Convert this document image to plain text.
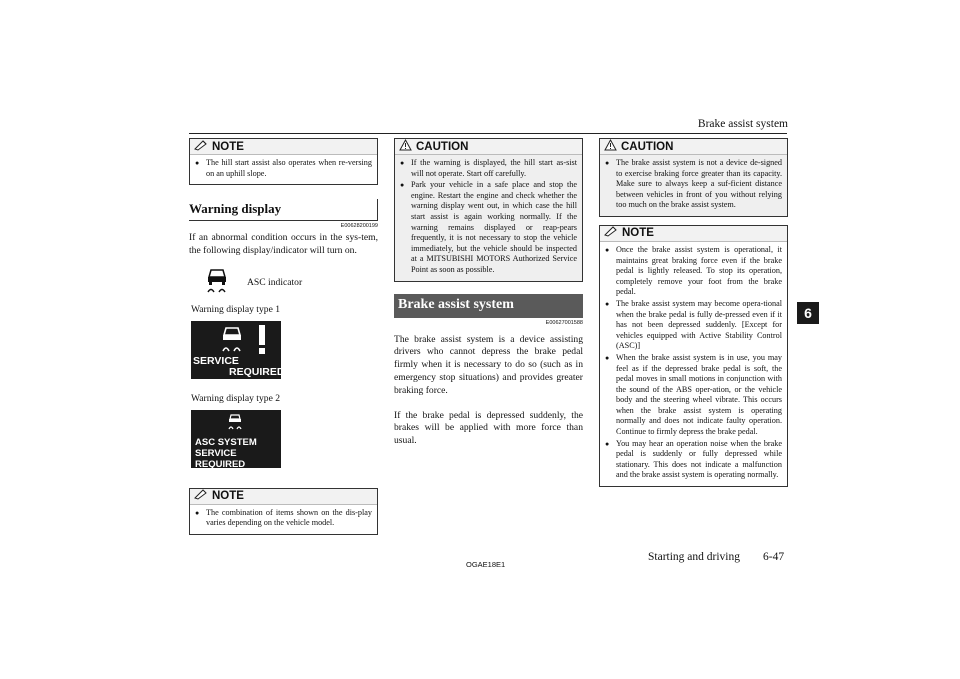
Brake assist system
6
NOTE
● The hill start assist also operates when re-versing on an uphill slope.
Warning display
E00628200199
If an abnormal condition occurs in the sys-tem, the following display/indicator will turn on.
ASC indicator
Warning display type 1
SERVICE
REQUIRED
Warning display type 2
ASC SYSTEM
SERVICE REQUIRED
NOTE
● The combination of items shown on the dis-play varies depending on the vehicle model.
CAUTION
● If the warning is displayed, the hill start as-sist will not operate. Start off carefully.
● Park your vehicle in a safe place and stop the engine. Restart the engine and check whether the warning display went out, in which case the hill start assist is again working normally. If the warning remains displayed or reap-pears frequently, it is not necessary to stop the vehicle immediately, but the vehicle should be inspected at a MITSUBISHI MOTORS Authorized Service Point as soon as possible.
Brake assist system
E00627001588
The brake assist system is a device assisting drivers who cannot depress the brake pedal firmly when it is necessary to do so (such as in emergency stop situations) and provides greater braking force.
If the brake pedal is depressed suddenly, the brakes will be applied with more force than usual.
CAUTION
● The brake assist system is not a device de-signed to exercise braking force greater than its capacity. Make sure to always keep a suf-ficient distance between vehicles in front of you without relying too much on the brake assist system.
NOTE
● Once the brake assist system is operational, it maintains great braking force even if the brake pedal is lightly released. To stop its operation, completely remove your foot from the brake pedal.
● The brake assist system may become opera-tional when the brake pedal is fully de-pressed even if it has not been depressed suddenly. [Except for vehicles equipped with Active Stability Control (ASC)]
● When the brake assist system is in use, you may feel as if the depressed brake pedal is soft, the pedal moves in small motions in conjunction with the sound of the ABS oper-ation, or the vehicle body and the steering wheel vibrate. This occurs when the brake assist system is operating normally and does not indicate faulty operation. Continue to firmly depress the brake pedal.
● You may hear an operation noise when the brake pedal is suddenly or fully depressed while stationary. This does not indicate a malfunction and the brake assist system is operating normally.
OGAE18E1
Starting and driving 6-47
